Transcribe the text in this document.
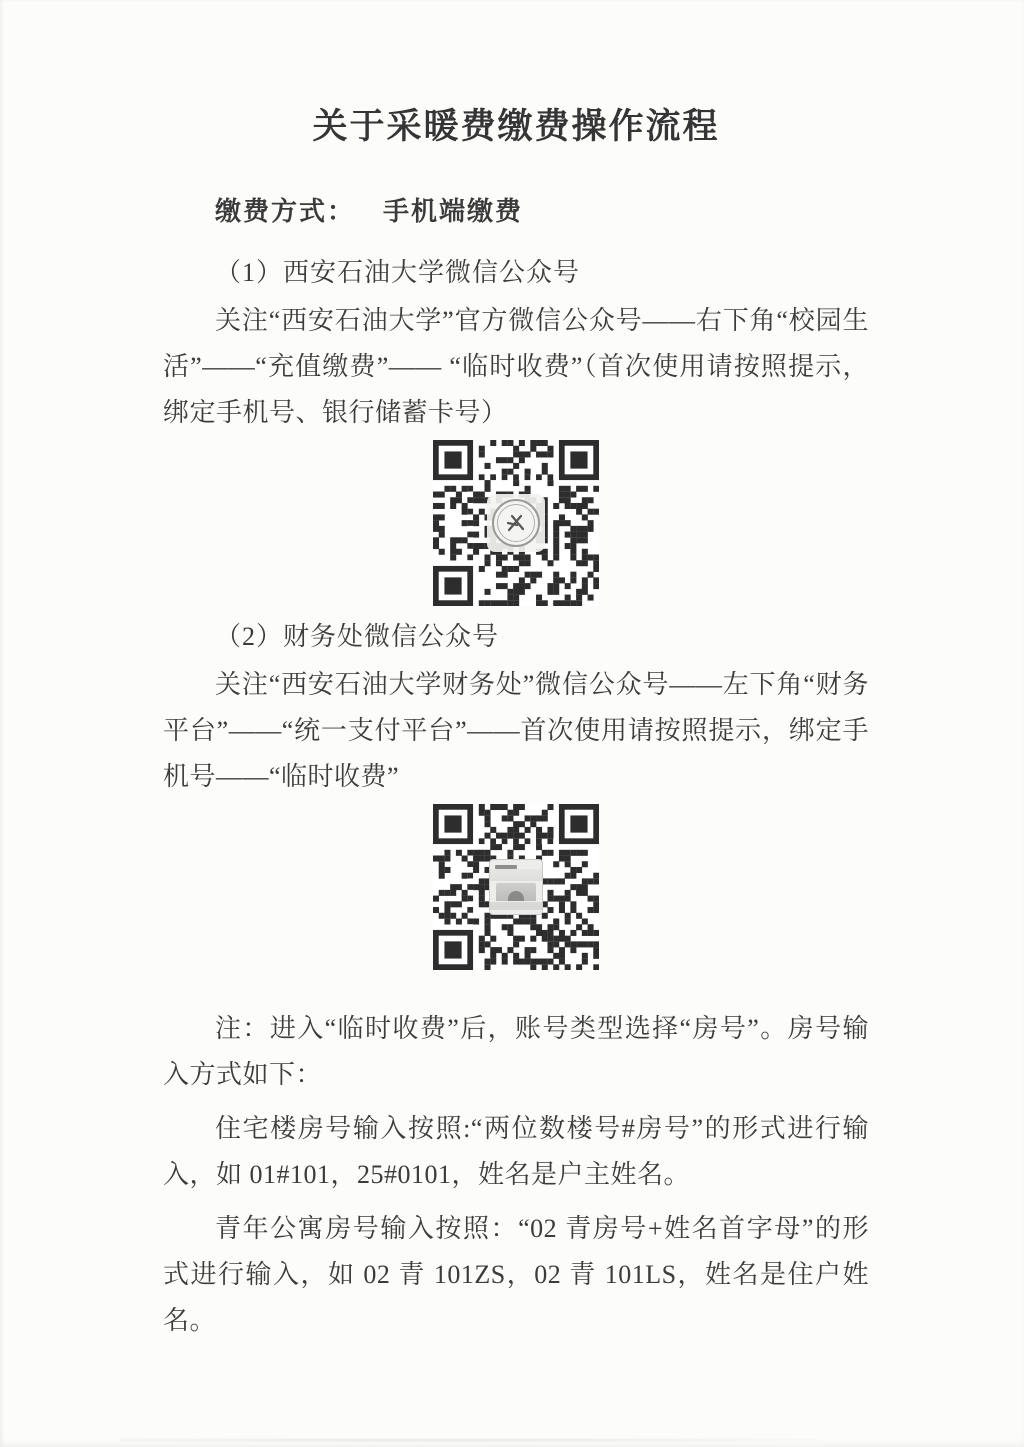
关于采暖费缴费操作流程
缴费方式： 手机端缴费
（1）西安石油大学微信公众号

关注“西安石油大学”官方微信公众号——右下角“校园生活”——“充值缴费”—— “临时收费”（首次使用请按照提示，绑定手机号、银行储蓄卡号）

（2）财务处微信公众号

关注“西安石油大学财务处”微信公众号——左下角“财务平台”——“统一支付平台”——首次使用请按照提示，绑定手机号——“临时收费”

注：进入“临时收费”后，账号类型选择“房号”。房号输入方式如下：

住宅楼房号输入按照:“两位数楼号#房号”的形式进行输入，如 01#101，25#0101，姓名是户主姓名。

青年公寓房号输入按照：“02 青房号+姓名首字母”的形式进行输入，如 02 青 101ZS，02 青 101LS，姓名是住户姓名。
